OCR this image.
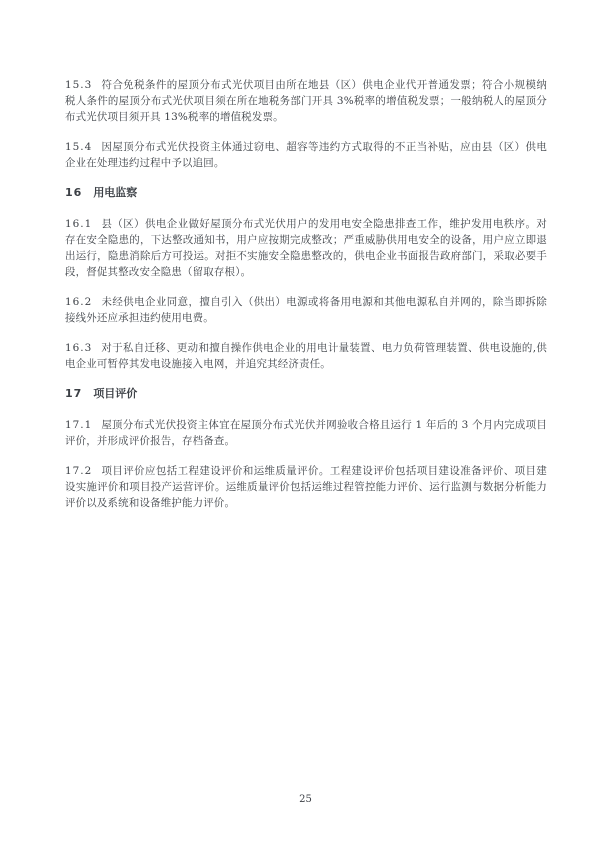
15.3 符合免税条件的屋顶分布式光伏项目由所在地县（区）供电企业代开普通发票；符合小规模纳税人条件的屋顶分布式光伏项目须在所在地税务部门开具 3%税率的增值税发票；一般纳税人的屋顶分布式光伏项目须开具 13%税率的增值税发票。

15.4 因屋顶分布式光伏投资主体通过窃电、超容等违约方式取得的不正当补贴，应由县（区）供电企业在处理违约过程中予以追回。

16 用电监察

16.1 县（区）供电企业做好屋顶分布式光伏用户的发用电安全隐患排查工作，维护发用电秩序。对存在安全隐患的，下达整改通知书，用户应按期完成整改；严重威胁供用电安全的设备，用户应立即退出运行，隐患消除后方可投运。对拒不实施安全隐患整改的，供电企业书面报告政府部门，采取必要手段，督促其整改安全隐患（留取存根）。

16.2 未经供电企业同意，擅自引入（供出）电源或将备用电源和其他电源私自并网的，除当即拆除接线外还应承担违约使用电费。

16.3 对于私自迁移、更动和擅自操作供电企业的用电计量装置、电力负荷管理装置、供电设施的,供电企业可暂停其发电设施接入电网，并追究其经济责任。

17 项目评价

17.1 屋顶分布式光伏投资主体宜在屋顶分布式光伏并网验收合格且运行 1 年后的 3 个月内完成项目评价，并形成评价报告，存档备查。

17.2 项目评价应包括工程建设评价和运维质量评价。工程建设评价包括项目建设准备评价、项目建设实施评价和项目投产运营评价。运维质量评价包括运维过程管控能力评价、运行监测与数据分析能力评价以及系统和设备维护能力评价。

25
